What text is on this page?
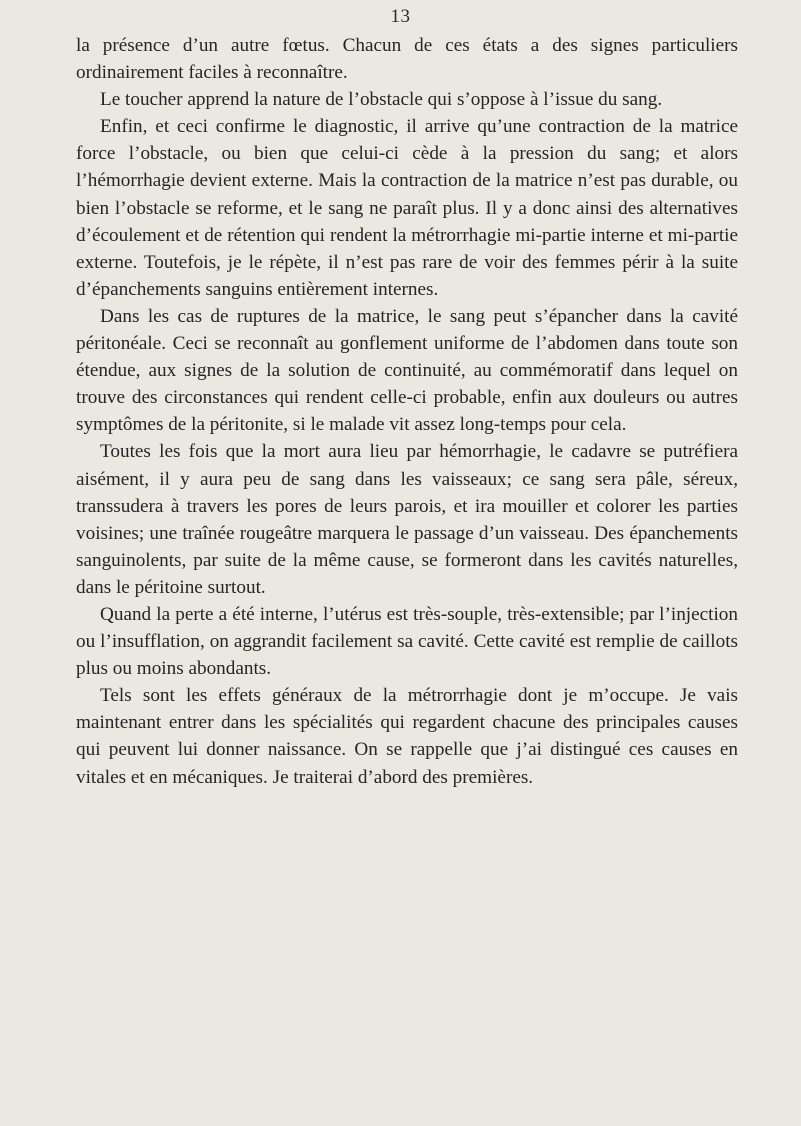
13

la présence d’un autre fœtus. Chacun de ces états a des signes particuliers ordinairement faciles à reconnaître.

Le toucher apprend la nature de l’obstacle qui s’oppose à l’issue du sang.

Enfin, et ceci confirme le diagnostic, il arrive qu’une contraction de la matrice force l’obstacle, ou bien que celui-ci cède à la pression du sang; et alors l’hémorrhagie devient externe. Mais la contraction de la matrice n’est pas durable, ou bien l’obstacle se reforme, et le sang ne paraît plus. Il y a donc ainsi des alternatives d’écoulement et de rétention qui rendent la métrorrhagie mi-partie interne et mi-partie externe. Toutefois, je le répète, il n’est pas rare de voir des femmes périr à la suite d’épanchements sanguins entièrement internes.

Dans les cas de ruptures de la matrice, le sang peut s’épancher dans la cavité péritonéale. Ceci se reconnaît au gonflement uniforme de l’abdomen dans toute son étendue, aux signes de la solution de continuité, au commémoratif dans lequel on trouve des circonstances qui rendent celle-ci probable, enfin aux douleurs ou autres symptômes de la péritonite, si le malade vit assez long-temps pour cela.

Toutes les fois que la mort aura lieu par hémorrhagie, le cadavre se putréfiera aisément, il y aura peu de sang dans les vaisseaux; ce sang sera pâle, séreux, transsudera à travers les pores de leurs parois, et ira mouiller et colorer les parties voisines; une traînée rougeâtre marquera le passage d’un vaisseau. Des épanchements sanguinolents, par suite de la même cause, se formeront dans les cavités naturelles, dans le péritoine surtout.

Quand la perte a été interne, l’utérus est très-souple, très-extensible; par l’injection ou l’insufflation, on aggrandit facilement sa cavité. Cette cavité est remplie de caillots plus ou moins abondants.

Tels sont les effets généraux de la métrorrhagie dont je m’occupe. Je vais maintenant entrer dans les spécialités qui regardent chacune des principales causes qui peuvent lui donner naissance. On se rappelle que j’ai distingué ces causes en vitales et en mécaniques. Je traiterai d’abord des premières.
